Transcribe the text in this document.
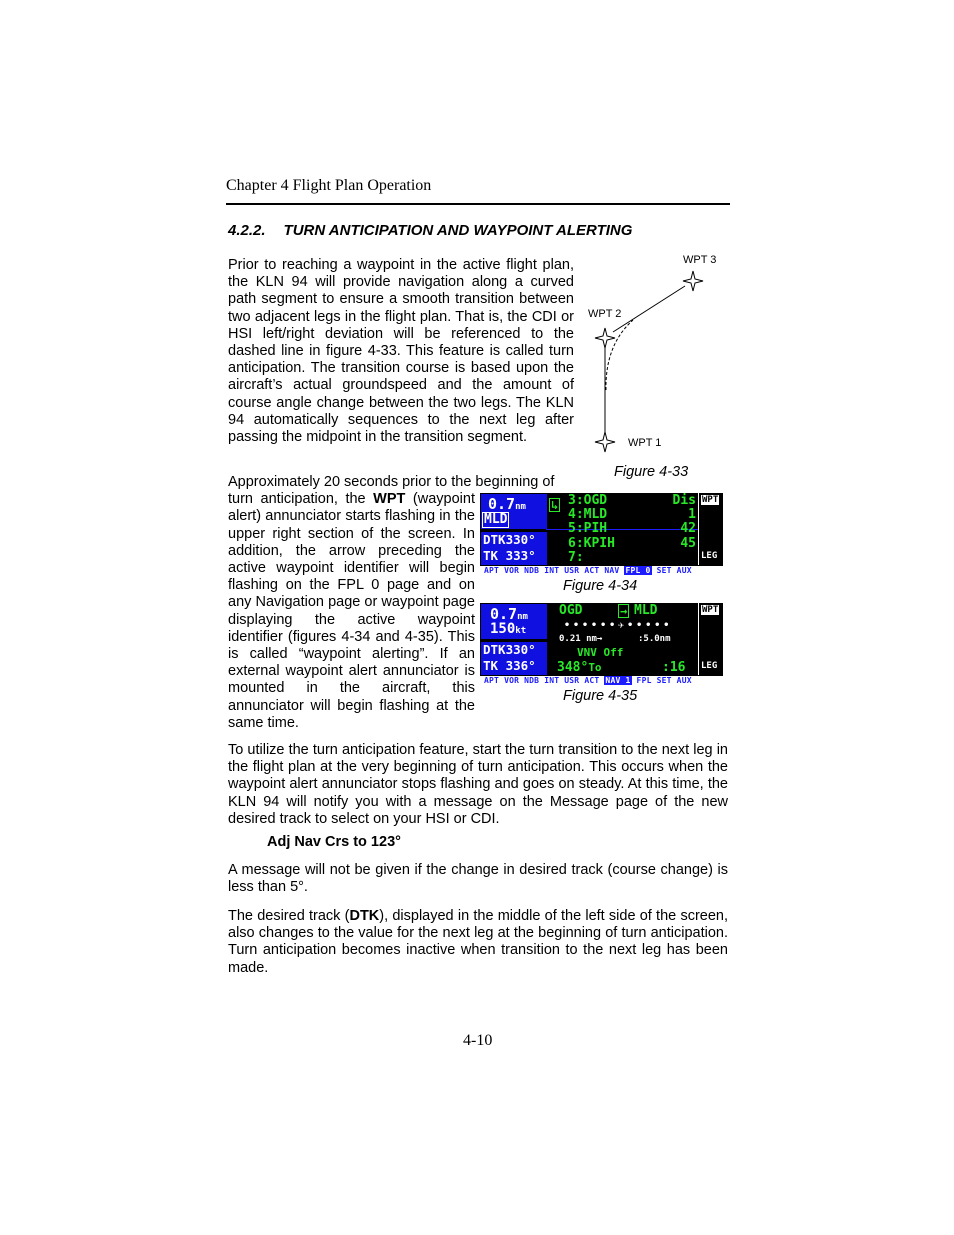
Chapter 4 Flight Plan Operation
4.2.2. TURN ANTICIPATION AND WAYPOINT ALERTING
Prior to reaching a waypoint in the active flight plan, the KLN 94 will provide navigation along a curved path segment to ensure a smooth transition between two adjacent legs in the flight plan. That is, the CDI or HSI left/right deviation will be referenced to the dashed line in figure 4-33. This feature is called turn anticipation. The transition course is based upon the aircraft’s actual groundspeed and the amount of course angle change between the two legs. The KLN 94 automatically sequences to the next leg after passing the midpoint in the transition segment.
WPT 3
WPT 2
WPT 1
Figure 4-33
Approximately 20 seconds prior to the beginning of
turn anticipation, the WPT (waypoint alert) annunciator starts flashing in the upper right section of the screen. In addition, the arrow preceding the active waypoint identifier will begin flashing on the FPL 0 page and on any Navigation page or waypoint page displaying the active waypoint identifier (figures 4-34 and 4-35). This is called “waypoint alerting”. If an external waypoint alert annunciator is mounted in the aircraft, this annunciator will begin flashing at the same time.
0.7nm
MLD
↳
DTK330°
TK 333°
3:OGD	Dis
4:MLD	1
5:PIH	42
6:KPIH	45
7:
WPT
LEG
APT VOR NDB INT USR ACT NAV FPL 0 SET AUX
Figure 4-34
0.7nm
150kt
DTK330°
TK 336°
OGD	→ MLD
••••••✈•••••
0.21 nm→	:5.0nm
VNV Off
348°To	:16
WPT
LEG
APT VOR NDB INT USR ACT NAV 1 FPL SET AUX
Figure 4-35
To utilize the turn anticipation feature, start the turn transition to the next leg in the flight plan at the very beginning of turn anticipation. This occurs when the waypoint alert annunciator stops flashing and goes on steady. At this time, the KLN 94 will notify you with a message on the Message page of the new desired track to select on your HSI or CDI.
Adj Nav Crs to 123°
A message will not be given if the change in desired track (course change) is less than 5°.
The desired track (DTK), displayed in the middle of the left side of the screen, also changes to the value for the next leg at the beginning of turn anticipation. Turn anticipation becomes inactive when transition to the next leg has been made.
4-10
